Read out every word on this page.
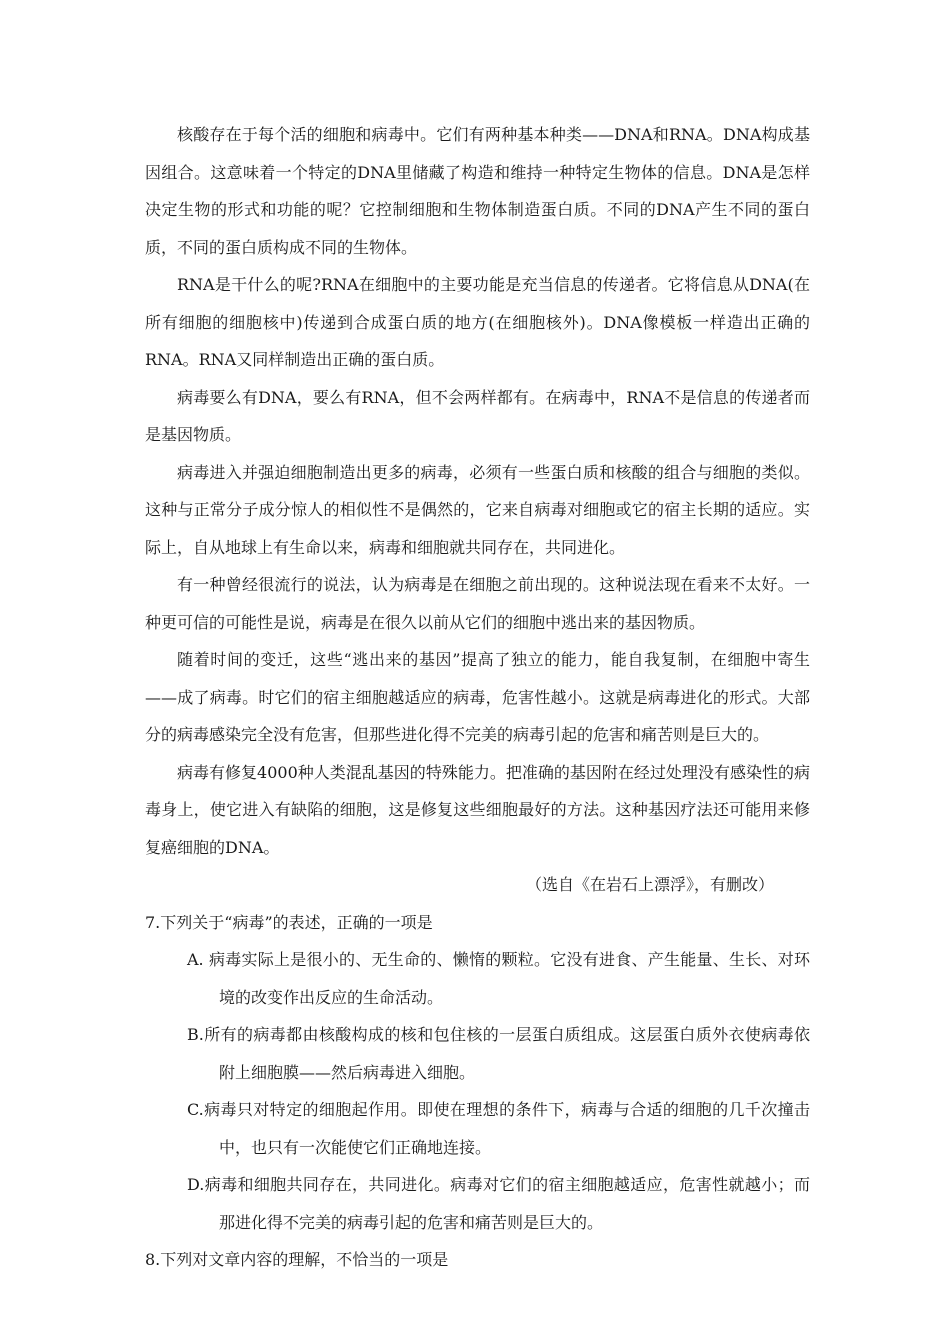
核酸存在于每个活的细胞和病毒中。它们有两种基本种类——DNA和RNA。DNA构成基因组合。这意味着一个特定的DNA里储藏了构造和维持一种特定生物体的信息。DNA是怎样决定生物的形式和功能的呢？它控制细胞和生物体制造蛋白质。不同的DNA产生不同的蛋白质，不同的蛋白质构成不同的生物体。

RNA是干什么的呢?RNA在细胞中的主要功能是充当信息的传递者。它将信息从DNA(在所有细胞的细胞核中)传递到合成蛋白质的地方(在细胞核外)。DNA像模板一样造出正确的RNA。RNA又同样制造出正确的蛋白质。

病毒要么有DNA，要么有RNA，但不会两样都有。在病毒中，RNA不是信息的传递者而是基因物质。

病毒进入并强迫细胞制造出更多的病毒，必须有一些蛋白质和核酸的组合与细胞的类似。这种与正常分子成分惊人的相似性不是偶然的，它来自病毒对细胞或它的宿主长期的适应。实际上，自从地球上有生命以来，病毒和细胞就共同存在，共同进化。

有一种曾经很流行的说法，认为病毒是在细胞之前出现的。这种说法现在看来不太好。一种更可信的可能性是说，病毒是在很久以前从它们的细胞中逃出来的基因物质。

随着时间的变迁，这些“逃出来的基因”提高了独立的能力，能自我复制，在细胞中寄生——成了病毒。时它们的宿主细胞越适应的病毒，危害性越小。这就是病毒进化的形式。大部分的病毒感染完全没有危害，但那些进化得不完美的病毒引起的危害和痛苦则是巨大的。

病毒有修复4000种人类混乱基因的特殊能力。把准确的基因附在经过处理没有感染性的病毒身上，使它进入有缺陷的细胞，这是修复这些细胞最好的方法。这种基因疗法还可能用来修复癌细胞的DNA。

（选自《在岩石上漂浮》，有删改）

7.下列关于“病毒”的表述，正确的一项是

A. 病毒实际上是很小的、无生命的、懒惰的颗粒。它没有进食、产生能量、生长、对环境的改变作出反应的生命活动。

B.所有的病毒都由核酸构成的核和包住核的一层蛋白质组成。这层蛋白质外衣使病毒依附上细胞膜——然后病毒进入细胞。

C.病毒只对特定的细胞起作用。即使在理想的条件下，病毒与合适的细胞的几千次撞击中，也只有一次能使它们正确地连接。

D.病毒和细胞共同存在，共同进化。病毒对它们的宿主细胞越适应，危害性就越小；而那进化得不完美的病毒引起的危害和痛苦则是巨大的。

8.下列对文章内容的理解，不恰当的一项是
